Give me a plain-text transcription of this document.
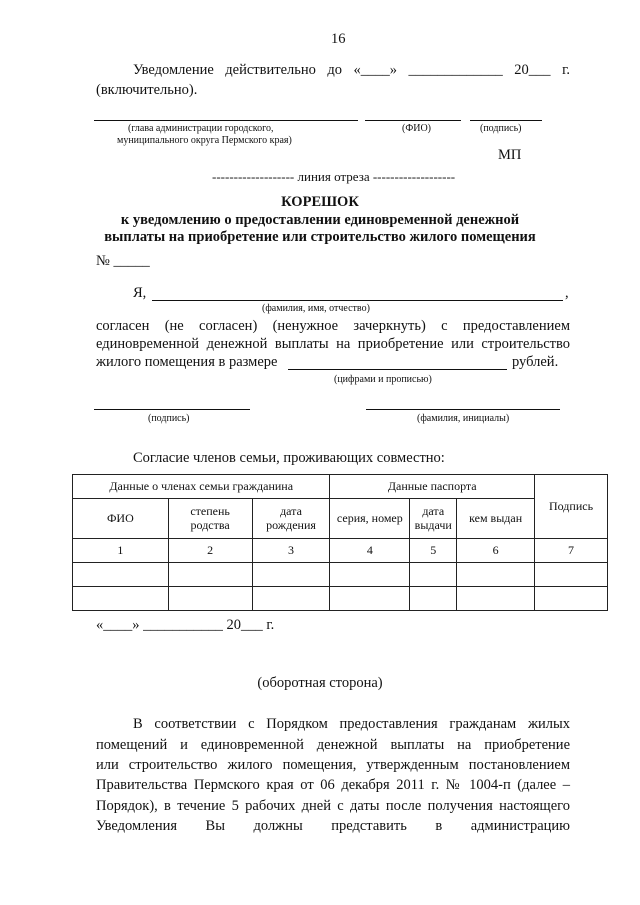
16
Уведомление действительно до «____» _____________ 20___ г.
(включительно).
(глава администрации городского,
муниципального округа Пермского края)
(ФИО)	(подпись)
МП
------------------- линия отреза -------------------
КОРЕШОК
к уведомлению о предоставлении единовременной денежной
выплаты на приобретение или строительство жилого помещения
№ _____
Я,	,
(фамилия, имя, отчество)
согласен (не согласен) (ненужное зачеркнуть) с предоставлением
единовременной денежной выплаты на приобретение или строительство
жилого помещения в размере	рублей.
(цифрами и прописью)
(подпись)	(фамилия, инициалы)
Согласие членов семьи, проживающих совместно:
Данные о членах семьи гражданина			Данные паспорта			Подпись
ФИО	степень родства	дата рождения	серия, номер	дата выдачи	кем выдан	
1	2	3	4	5	6	7

«____» ___________ 20___ г.
(оборотная сторона)
В соответствии с Порядком предоставления гражданам жилых
помещений и единовременной денежной выплаты на приобретение
или строительство жилого помещения, утвержденным постановлением
Правительства Пермского края от 06 декабря 2011 г. № 1004-п (далее –
Порядок), в течение 5 рабочих дней с даты после получения настоящего
Уведомления Вы должны представить в администрацию
